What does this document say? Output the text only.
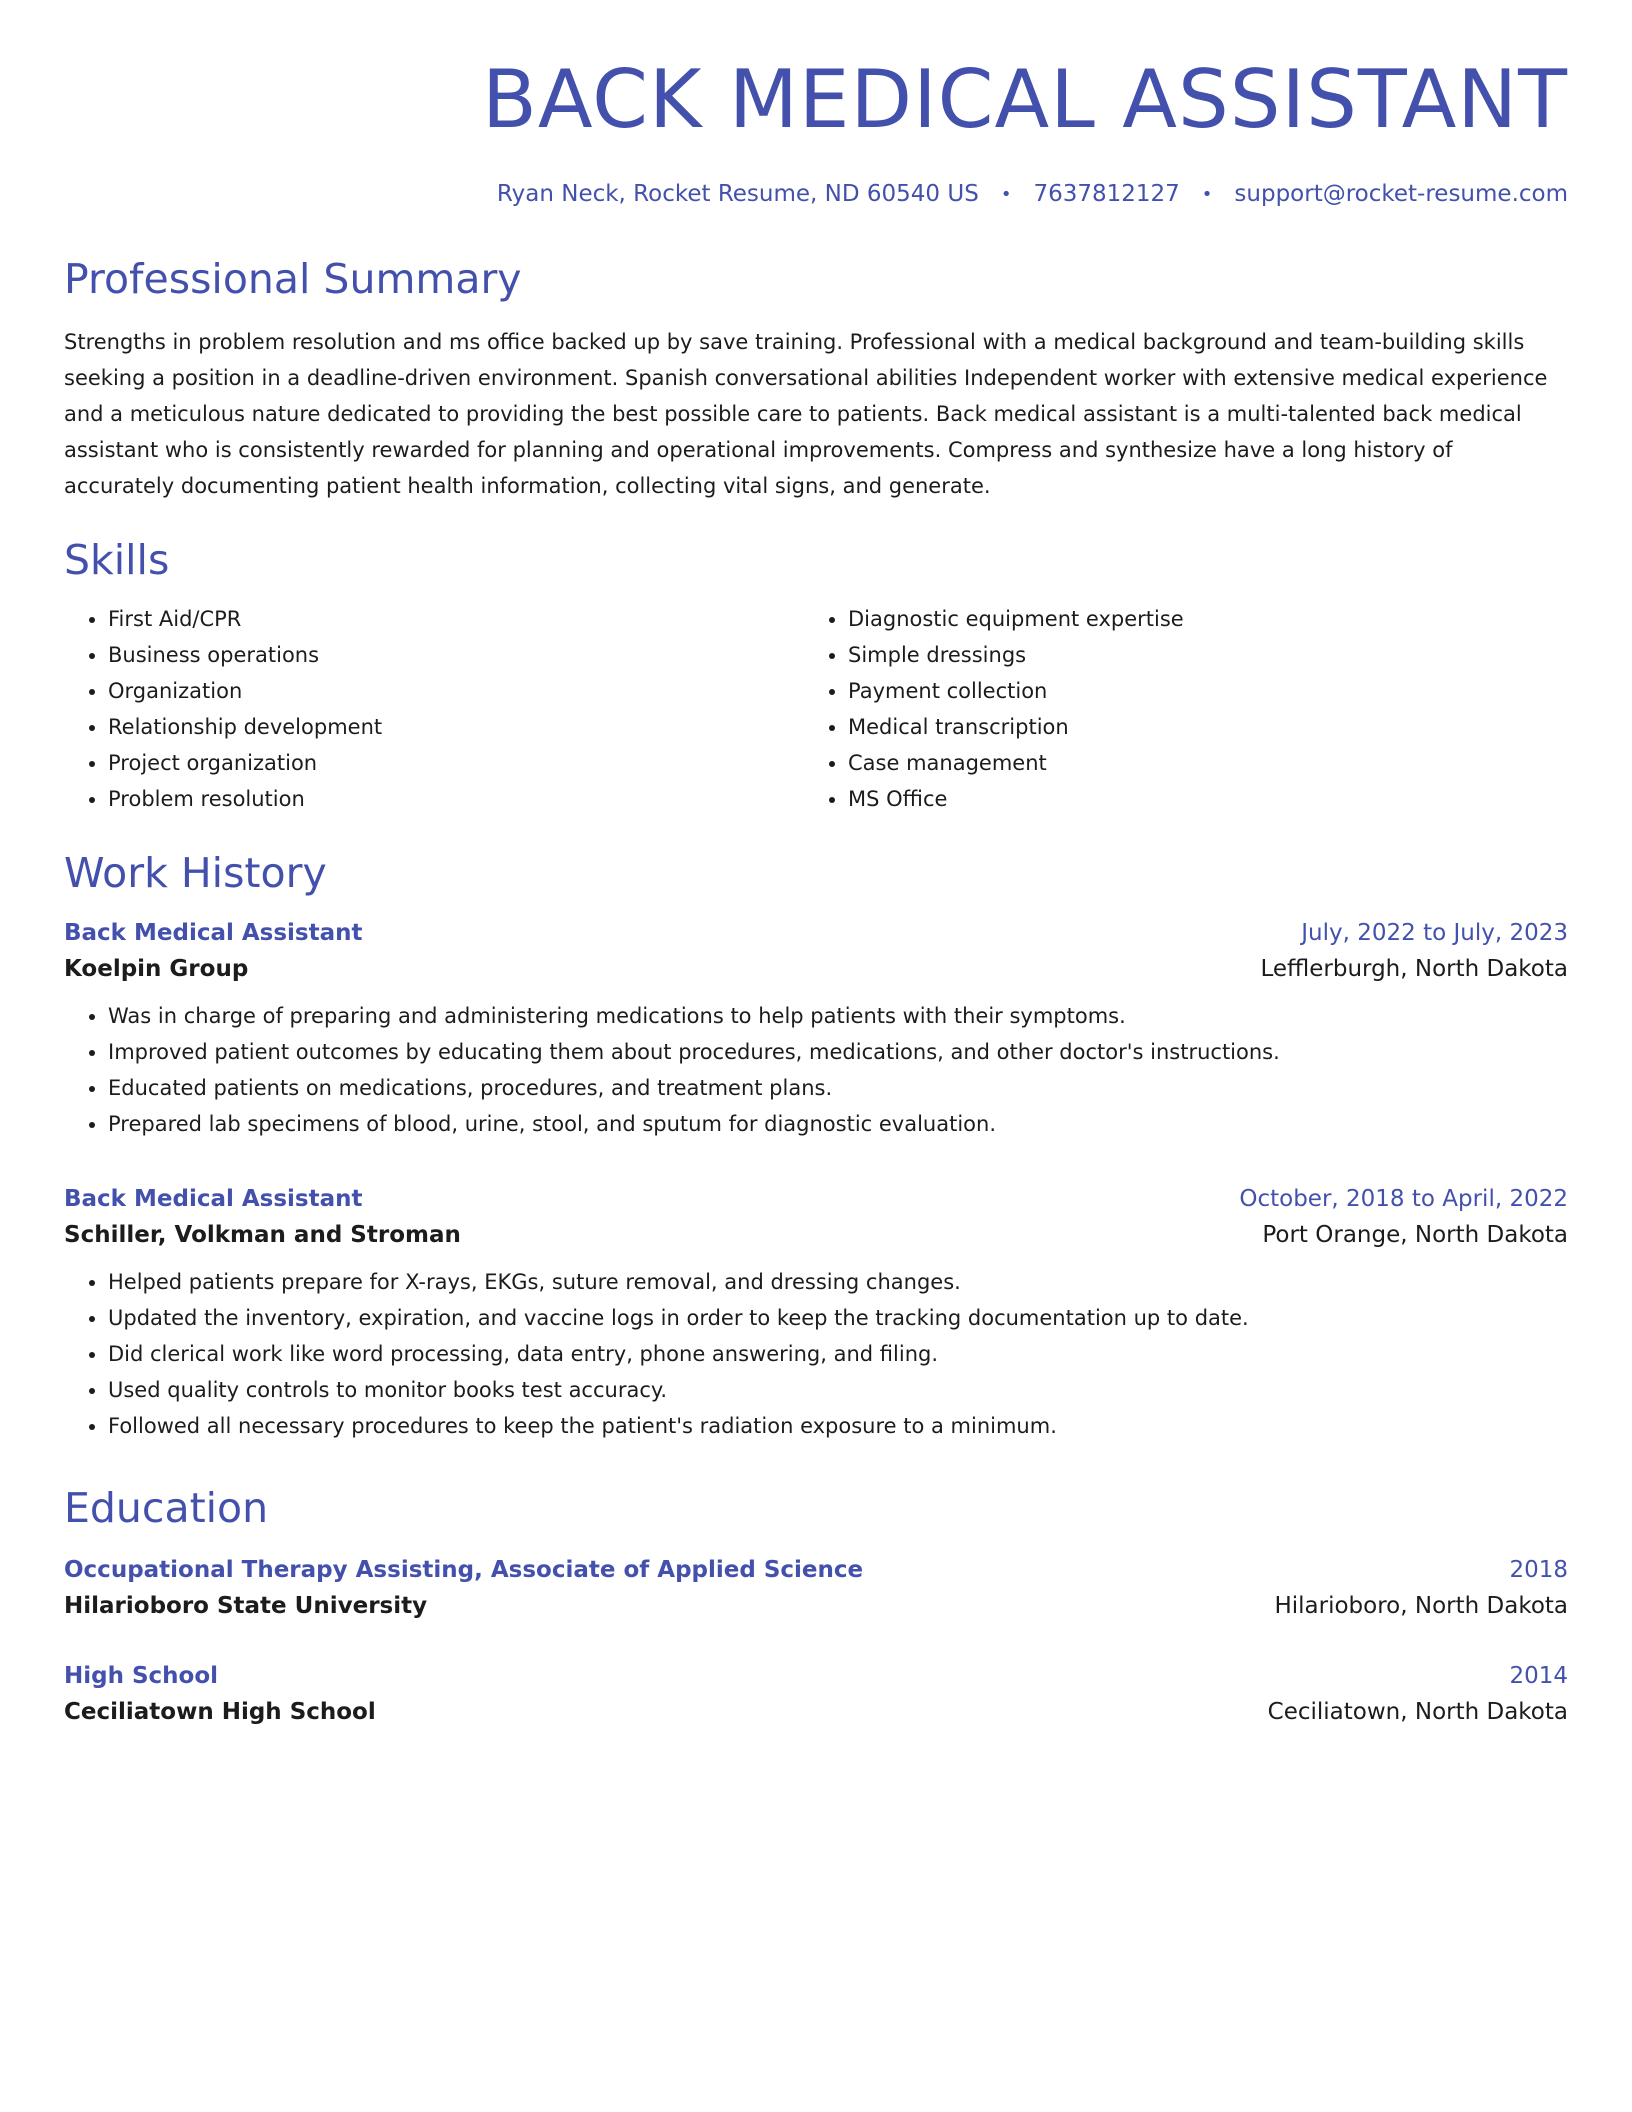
BACK MEDICAL ASSISTANT
Ryan Neck, Rocket Resume, ND 60540 US • 7637812127 • support@rocket-resume.com
Professional Summary
Strengths in problem resolution and ms office backed up by save training. Professional with a medical background and team-building skills seeking a position in a deadline-driven environment. Spanish conversational abilities Independent worker with extensive medical experience and a meticulous nature dedicated to providing the best possible care to patients. Back medical assistant is a multi-talented back medical assistant who is consistently rewarded for planning and operational improvements. Compress and synthesize have a long history of accurately documenting patient health information, collecting vital signs, and generate.
Skills
• First Aid/CPR
• Business operations
• Organization
• Relationship development
• Project organization
• Problem resolution
• Diagnostic equipment expertise
• Simple dressings
• Payment collection
• Medical transcription
• Case management
• MS Office
Work History
Back Medical Assistant	July, 2022 to July, 2023
Koelpin Group	Lefflerburgh, North Dakota
• Was in charge of preparing and administering medications to help patients with their symptoms.
• Improved patient outcomes by educating them about procedures, medications, and other doctor's instructions.
• Educated patients on medications, procedures, and treatment plans.
• Prepared lab specimens of blood, urine, stool, and sputum for diagnostic evaluation.
Back Medical Assistant	October, 2018 to April, 2022
Schiller, Volkman and Stroman	Port Orange, North Dakota
• Helped patients prepare for X-rays, EKGs, suture removal, and dressing changes.
• Updated the inventory, expiration, and vaccine logs in order to keep the tracking documentation up to date.
• Did clerical work like word processing, data entry, phone answering, and filing.
• Used quality controls to monitor books test accuracy.
• Followed all necessary procedures to keep the patient's radiation exposure to a minimum.
Education
Occupational Therapy Assisting, Associate of Applied Science	2018
Hilarioboro State University	Hilarioboro, North Dakota
High School	2014
Ceciliatown High School	Ceciliatown, North Dakota
